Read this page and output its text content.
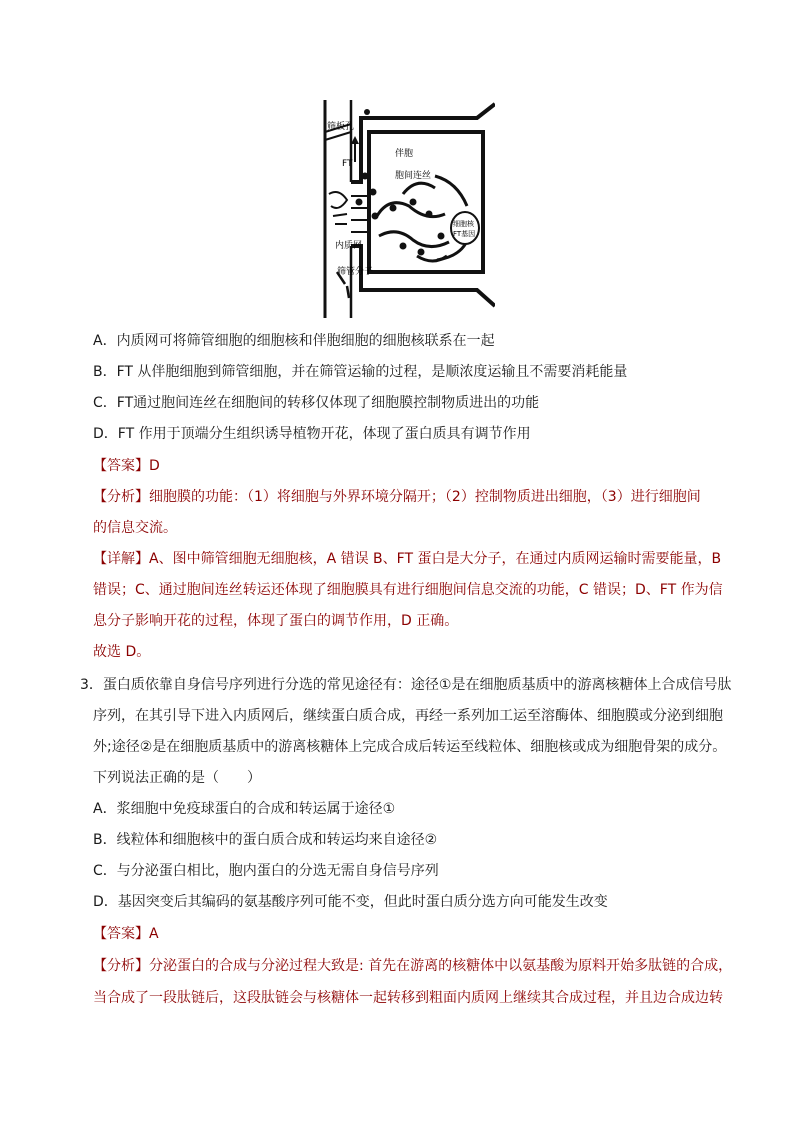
筛板孔
FT
伴胞
胞间连丝
细胞核
FT基因
内质网
筛管分子
A．内质网可将筛管细胞的细胞核和伴胞细胞的细胞核联系在一起
B．FT 从伴胞细胞到筛管细胞，并在筛管运输的过程，是顺浓度运输且不需要消耗能量
C．FT通过胞间连丝在细胞间的转移仅体现了细胞膜控制物质进出的功能
D．FT 作用于顶端分生组织诱导植物开花，体现了蛋白质具有调节作用
【答案】D
【分析】细胞膜的功能：（1）将细胞与外界环境分隔开；（2）控制物质进出细胞，（3）进行细胞间
的信息交流。
【详解】A、图中筛管细胞无细胞核，A 错误 B、FT 蛋白是大分子，在通过内质网运输时需要能量，B
错误；C、通过胞间连丝转运还体现了细胞膜具有进行细胞间信息交流的功能，C 错误；D、FT 作为信
息分子影响开花的过程，体现了蛋白的调节作用，D 正确。
故选 D。
3．蛋白质依靠自身信号序列进行分选的常见途径有：途径①是在细胞质基质中的游离核糖体上合成信号肽
序列，在其引导下进入内质网后，继续蛋白质合成，再经一系列加工运至溶酶体、细胞膜或分泌到细胞
外;途径②是在细胞质基质中的游离核糖体上完成合成后转运至线粒体、细胞核或成为细胞骨架的成分。
下列说法正确的是（　　）
A．浆细胞中免疫球蛋白的合成和转运属于途径①
B．线粒体和细胞核中的蛋白质合成和转运均来自途径②
C．与分泌蛋白相比，胞内蛋白的分选无需自身信号序列
D．基因突变后其编码的氨基酸序列可能不变，但此时蛋白质分选方向可能发生改变
【答案】A
【分析】分泌蛋白的合成与分泌过程大致是: 首先在游离的核糖体中以氨基酸为原料开始多肽链的合成，
当合成了一段肽链后，这段肽链会与核糖体一起转移到粗面内质网上继续其合成过程，并且边合成边转
